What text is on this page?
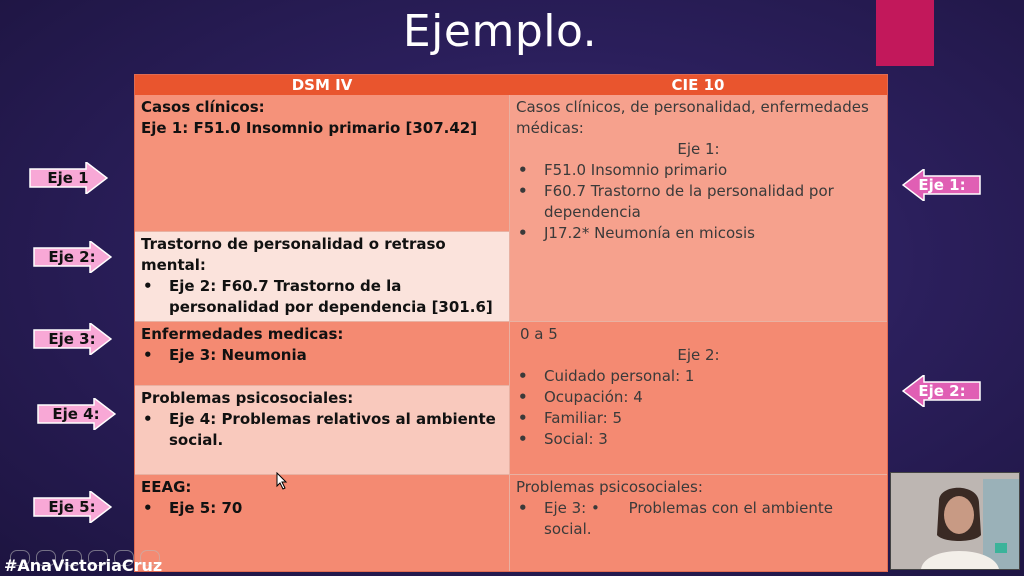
Ejemplo.
Eje 1
Eje 2:
Eje 3:
Eje 4:
Eje 5:
Eje 1:
Eje 2:
DSM IV	CIE 10
Casos clínicos:
Eje 1: F51.0 Insomnio primario [307.42]
Trastorno de personalidad o retraso mental:
• Eje 2: F60.7 Trastorno de la personalidad por dependencia [301.6]
Enfermedades medicas:
• Eje 3: Neumonia
Problemas psicosociales:
• Eje 4: Problemas relativos al ambiente social.
EEAG:
• Eje 5: 70
Casos clínicos, de personalidad, enfermedades médicas:
Eje 1:
• F51.0 Insomnio primario
• F60.7 Trastorno de la personalidad por dependencia
• J17.2* Neumonía en micosis
0 a 5
Eje 2:
• Cuidado personal: 1
• Ocupación: 4
• Familiar: 5
• Social: 3
Problemas psicosociales:
• Eje 3: • Problemas con el ambiente social.
#AnaVictoriaCruz
